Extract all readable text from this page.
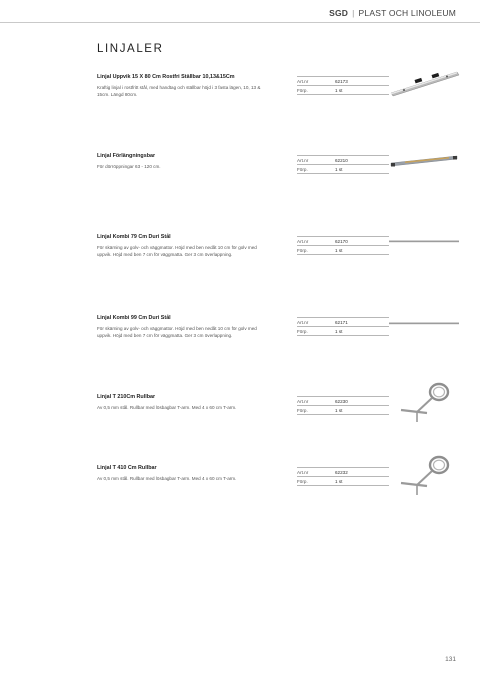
SGD | PLAST OCH LINOLEUM
LINJALER
Linjal Uppvik 15 X 80 Cm Rostfri Ställbar 10,13&15Cm
Kraftig linjal i rostfritt stål, med handtag och ställbar höjd i 3 fasta lägen, 10, 13 & 15cm. Längd 80cm.
Art.nr	62173
Förp.	1 st
Linjal Förlängningsbar
För dörröppningar 63 - 120 cm.
Art.nr	62210
Förp.	1 st
Linjal Kombi 79 Cm Duri Stål
För skärning av golv- och väggmattor. Höjd med ben nedåt 10 cm för golv med uppvik. Höjd med ben 7 cm för väggmatta. Ger 3 cm överlappning.
Art.nr	62170
Förp.	1 st
Linjal Kombi 99 Cm Duri Stål
För skärning av golv- och väggmattor. Höjd med ben nedåt 10 cm för golv med uppvik. Höjd med ben 7 cm för väggmatta. Ger 3 cm överlappning.
Art.nr	62171
Förp.	1 st
Linjal T 210Cm Rullbar
Av 0,5 mm stål. Rullbar med lösbagbar T-arm. Med 4 x 60 cm T-arm.
Art.nr	62230
Förp.	1 st
Linjal T 410 Cm Rullbar
Av 0,5 mm stål. Rullbar med lösbagbar T-arm. Med 4 x 60 cm T-arm.
Art.nr	62232
Förp.	1 st
131
